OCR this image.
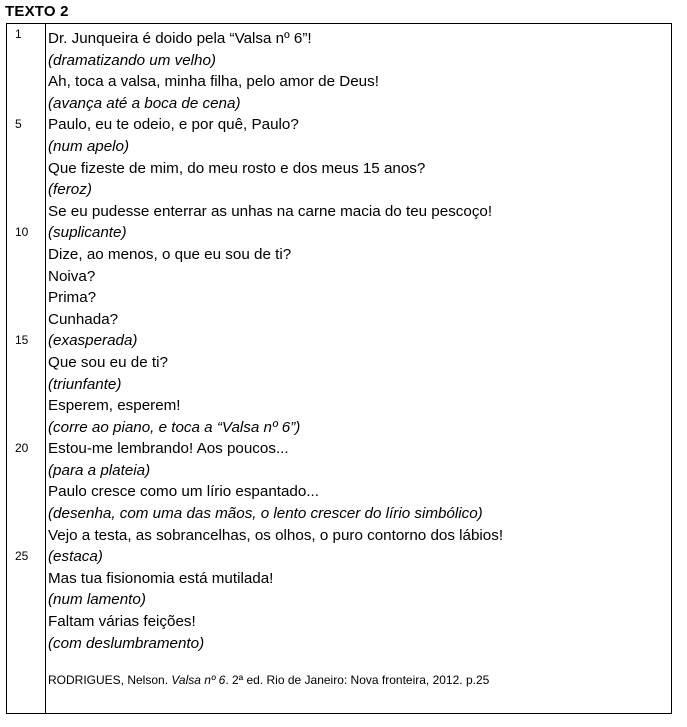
TEXTO 2
1	Dr. Junqueira é doido pela “Valsa nº 6”!
(dramatizando um velho)
Ah, toca a valsa, minha filha, pelo amor de Deus!
(avança até a boca de cena)
5	Paulo, eu te odeio, e por quê, Paulo?
(num apelo)
Que fizeste de mim, do meu rosto e dos meus 15 anos?
(feroz)
Se eu pudesse enterrar as unhas na carne macia do teu pescoço!
10	(suplicante)
Dize, ao menos, o que eu sou de ti?
Noiva?
Prima?
Cunhada?
15	(exasperada)
Que sou eu de ti?
(triunfante)
Esperem, esperem!
(corre ao piano, e toca a “Valsa nº 6”)
20	Estou-me lembrando! Aos poucos...
(para a plateia)
Paulo cresce como um lírio espantado...
(desenha, com uma das mãos, o lento crescer do lírio simbólico)
Vejo a testa, as sobrancelhas, os olhos, o puro contorno dos lábios!
25	(estaca)
Mas tua fisionomia está mutilada!
(num lamento)
Faltam várias feições!
(com deslumbramento)
RODRIGUES, Nelson. Valsa nº 6. 2ª ed. Rio de Janeiro: Nova fronteira, 2012. p.25
